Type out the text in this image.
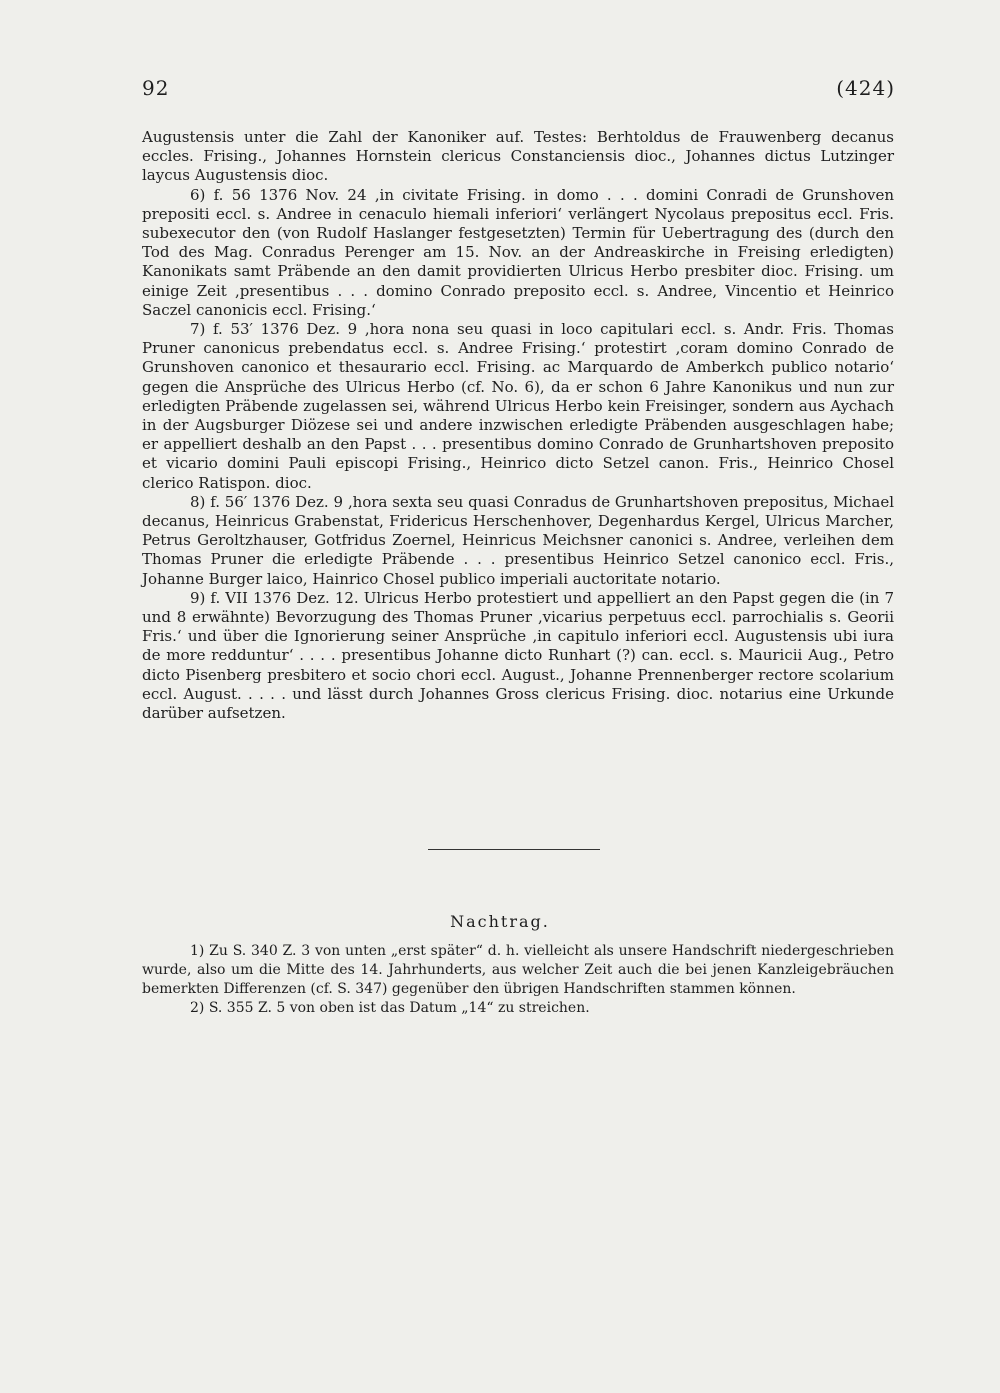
92	(424)

Augustensis unter die Zahl der Kanoniker auf. Testes: Berhtoldus de Frauwenberg decanus eccles. Frising., Johannes Hornstein clericus Constanciensis dioc., Johannes dictus Lutzinger laycus Augustensis dioc.

6) f. 56 1376 Nov. 24 ‚in civitate Frising. in domo . . . domini Conradi de Grunshoven prepositi eccl. s. Andree in cenaculo hiemali inferiori‘ verlängert Nycolaus prepositus eccl. Fris. subexecutor den (von Rudolf Haslanger festgesetzten) Termin für Uebertragung des (durch den Tod des Mag. Conradus Perenger am 15. Nov. an der Andreaskirche in Freising erledigten) Kanonikats samt Präbende an den damit providierten Ulricus Herbo presbiter dioc. Frising. um einige Zeit ‚presentibus . . . domino Conrado preposito eccl. s. Andree, Vincentio et Heinrico Saczel canonicis eccl. Frising.‘

7) f. 53′ 1376 Dez. 9 ‚hora nona seu quasi in loco capitulari eccl. s. Andr. Fris. Thomas Pruner canonicus prebendatus eccl. s. Andree Frising.‘ protestirt ‚coram domino Conrado de Grunshoven canonico et thesaurario eccl. Frising. ac Marquardo de Amberkch publico notario‘ gegen die Ansprüche des Ulricus Herbo (cf. No. 6), da er schon 6 Jahre Kanonikus und nun zur erledigten Präbende zugelassen sei, während Ulricus Herbo kein Freisinger, sondern aus Aychach in der Augsburger Diözese sei und andere inzwischen erledigte Präbenden ausgeschlagen habe; er appelliert deshalb an den Papst . . . presentibus domino Conrado de Grunhartshoven preposito et vicario domini Pauli episcopi Frising., Heinrico dicto Setzel canon. Fris., Heinrico Chosel clerico Ratispon. dioc.

8) f. 56′ 1376 Dez. 9 ‚hora sexta seu quasi Conradus de Grunhartshoven prepositus, Michael decanus, Heinricus Grabenstat, Fridericus Herschenhover, Degenhardus Kergel, Ulricus Marcher, Petrus Geroltzhauser, Gotfridus Zoernel, Heinricus Meichsner canonici s. Andree, verleihen dem Thomas Pruner die erledigte Präbende . . . presentibus Heinrico Setzel canonico eccl. Fris., Johanne Burger laico, Hainrico Chosel publico imperiali auctoritate notario.

9) f. VII 1376 Dez. 12. Ulricus Herbo protestiert und appelliert an den Papst gegen die (in 7 und 8 erwähnte) Bevorzugung des Thomas Pruner ‚vicarius perpetuus eccl. parrochialis s. Georii Fris.‘ und über die Ignorierung seiner Ansprüche ‚in capitulo inferiori eccl. Augustensis ubi iura de more redduntur‘ . . . . presentibus Johanne dicto Runhart (?) can. eccl. s. Mauricii Aug., Petro dicto Pisenberg presbitero et socio chori eccl. August., Johanne Prennenberger rectore scolarium eccl. August. . . . . und lässt durch Johannes Gross clericus Frising. dioc. notarius eine Urkunde darüber aufsetzen.

Nachtrag.

1) Zu S. 340 Z. 3 von unten „erst später“ d. h. vielleicht als unsere Handschrift niedergeschrieben wurde, also um die Mitte des 14. Jahrhunderts, aus welcher Zeit auch die bei jenen Kanzleigebräuchen bemerkten Differenzen (cf. S. 347) gegenüber den übrigen Handschriften stammen können.

2) S. 355 Z. 5 von oben ist das Datum „14“ zu streichen.
